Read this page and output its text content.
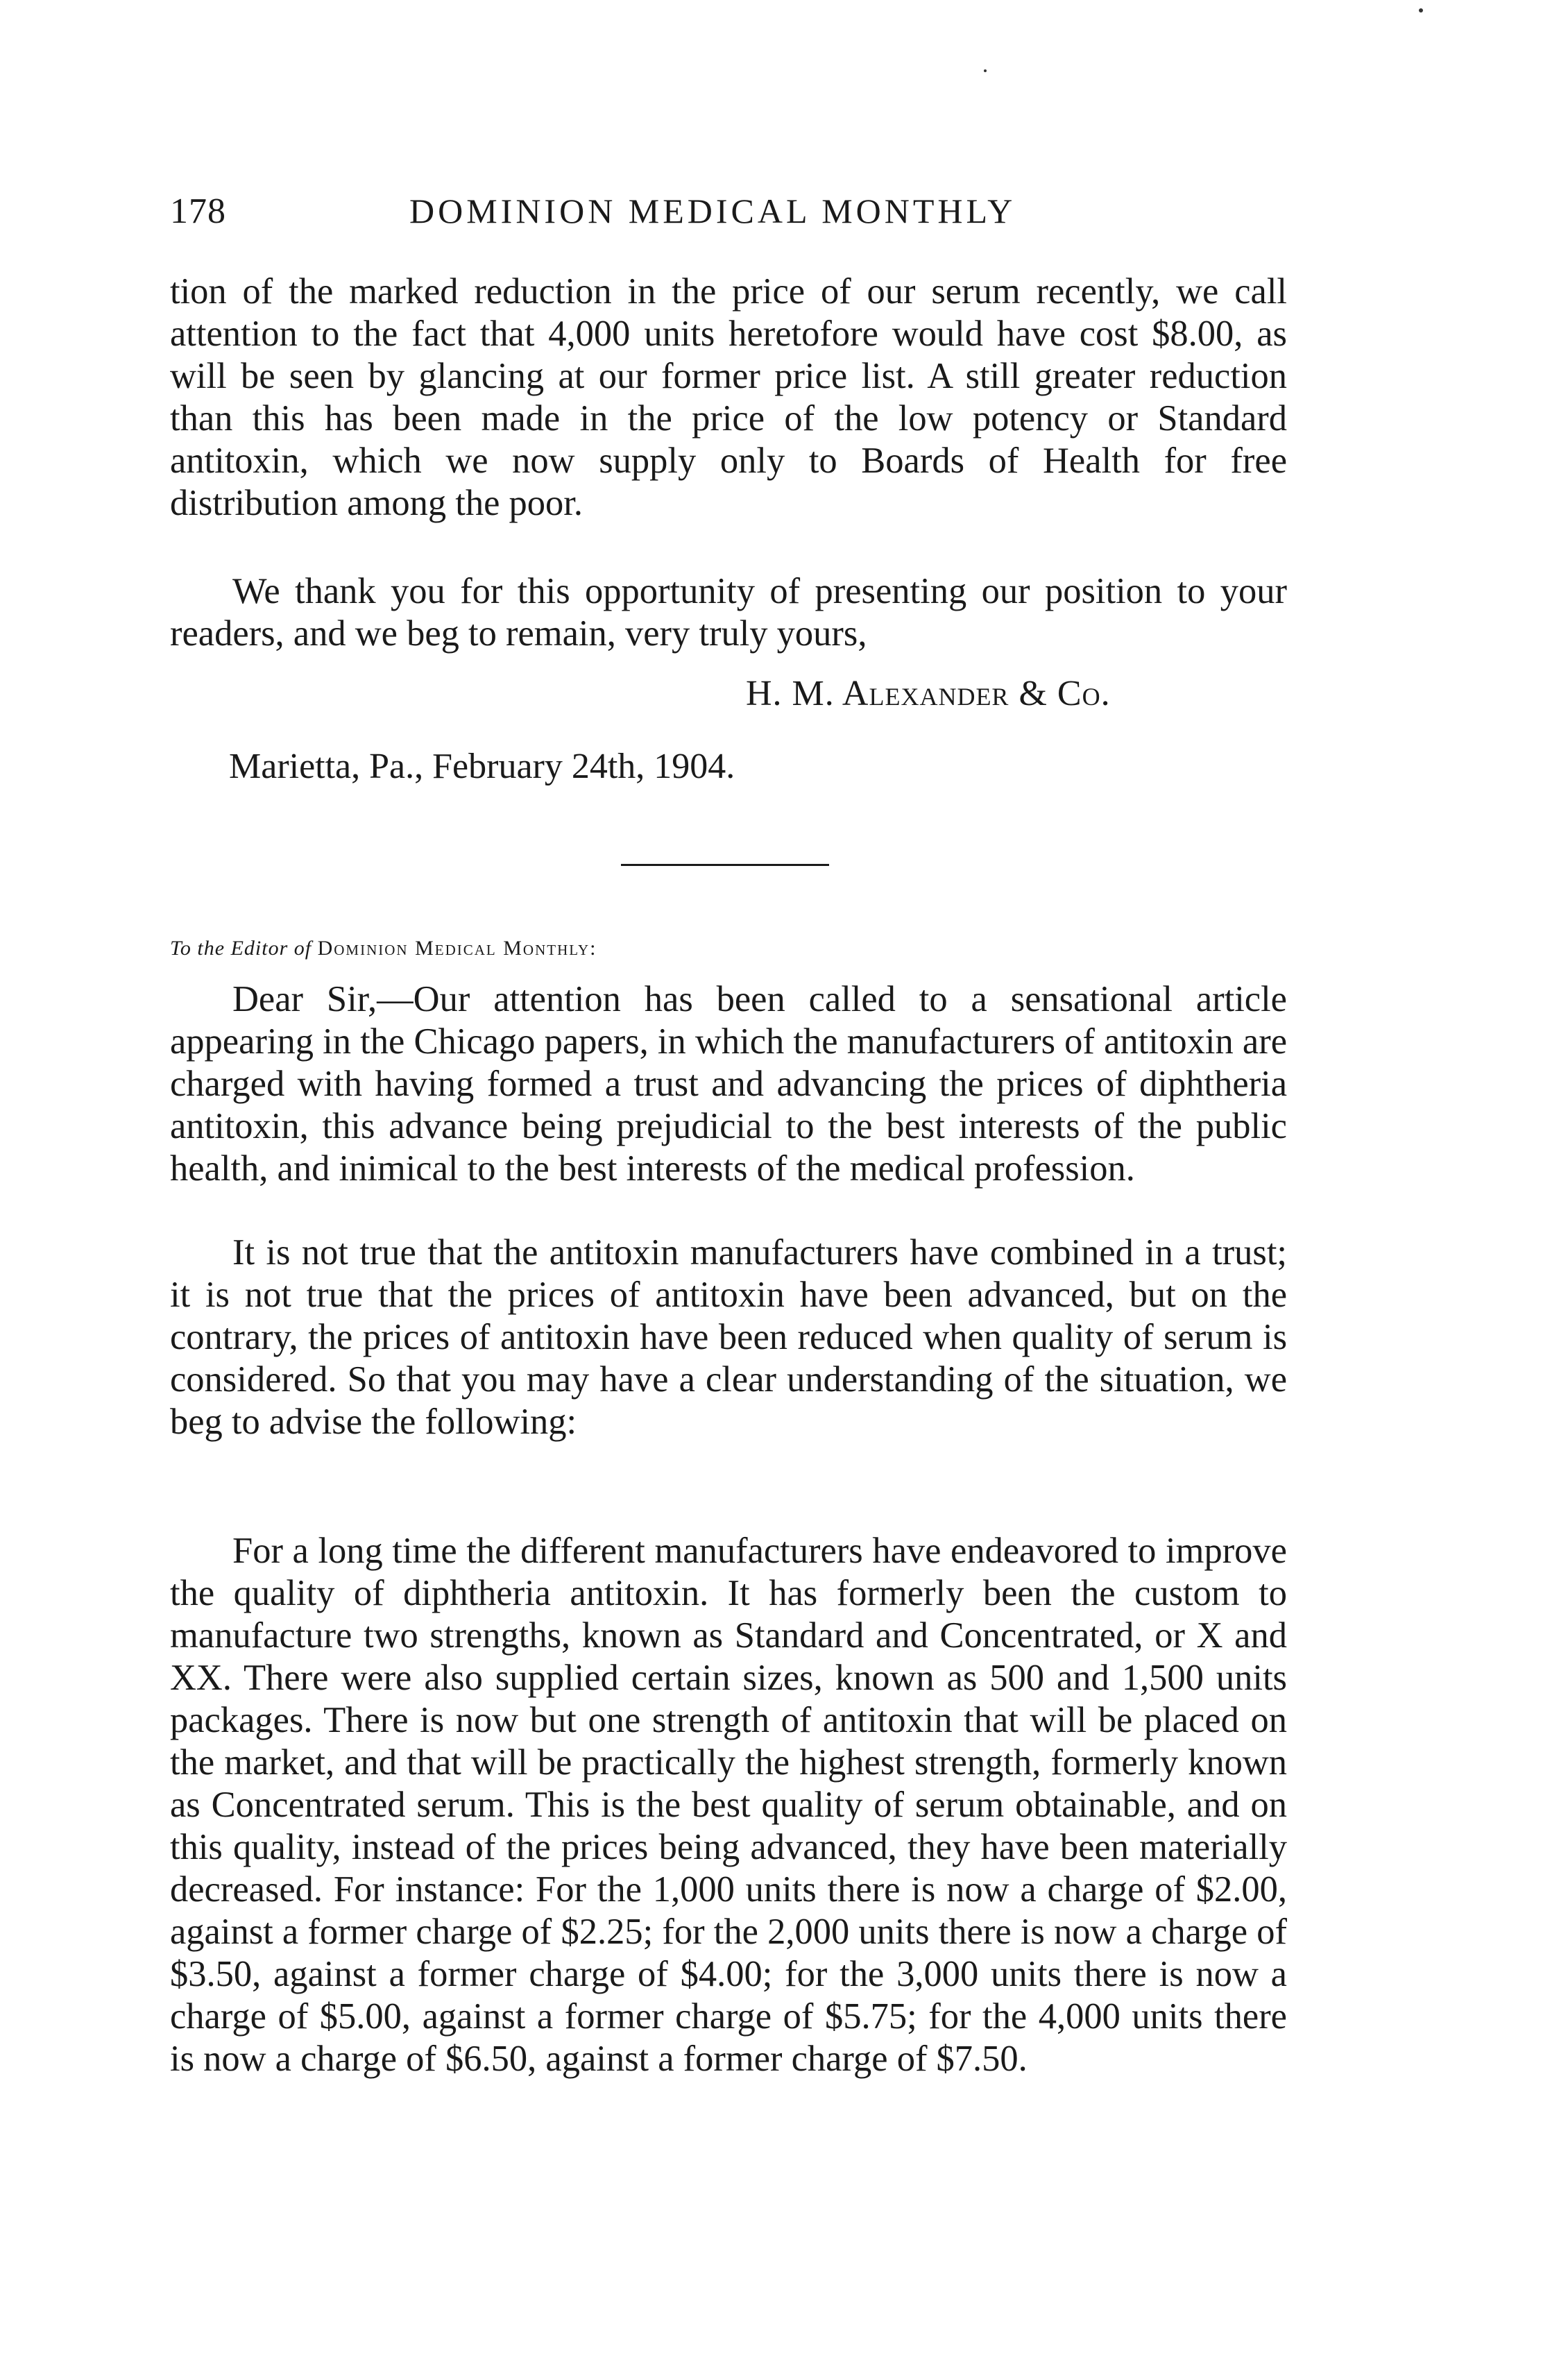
178	DOMINION MEDICAL MONTHLY

tion of the marked reduction in the price of our serum recently, we call attention to the fact that 4,000 units heretofore would have cost $8.00, as will be seen by glancing at our former price list. A still greater reduction than this has been made in the price of the low potency or Standard antitoxin, which we now supply only to Boards of Health for free distribution among the poor.

We thank you for this opportunity of presenting our position to your readers, and we beg to remain, very truly yours,

H. M. Alexander & Co.
Marietta, Pa., February 24th, 1904.
To the Editor of Dominion Medical Monthly:

Dear Sir,—Our attention has been called to a sensational article appearing in the Chicago papers, in which the manufacturers of antitoxin are charged with having formed a trust and advancing the prices of diphtheria antitoxin, this advance being prejudicial to the best interests of the public health, and inimical to the best interests of the medical profession.

It is not true that the antitoxin manufacturers have combined in a trust; it is not true that the prices of antitoxin have been advanced, but on the contrary, the prices of antitoxin have been reduced when quality of serum is considered. So that you may have a clear understanding of the situation, we beg to advise the following:

For a long time the different manufacturers have endeavored to improve the quality of diphtheria antitoxin. It has formerly been the custom to manufacture two strengths, known as Standard and Concentrated, or X and XX. There were also supplied certain sizes, known as 500 and 1,500 units packages. There is now but one strength of antitoxin that will be placed on the market, and that will be practically the highest strength, formerly known as Concentrated serum. This is the best quality of serum obtainable, and on this quality, instead of the prices being advanced, they have been materially decreased. For instance: For the 1,000 units there is now a charge of $2.00, against a former charge of $2.25; for the 2,000 units there is now a charge of $3.50, against a former charge of $4.00; for the 3,000 units there is now a charge of $5.00, against a former charge of $5.75; for the 4,000 units there is now a charge of $6.50, against a former charge of $7.50.
